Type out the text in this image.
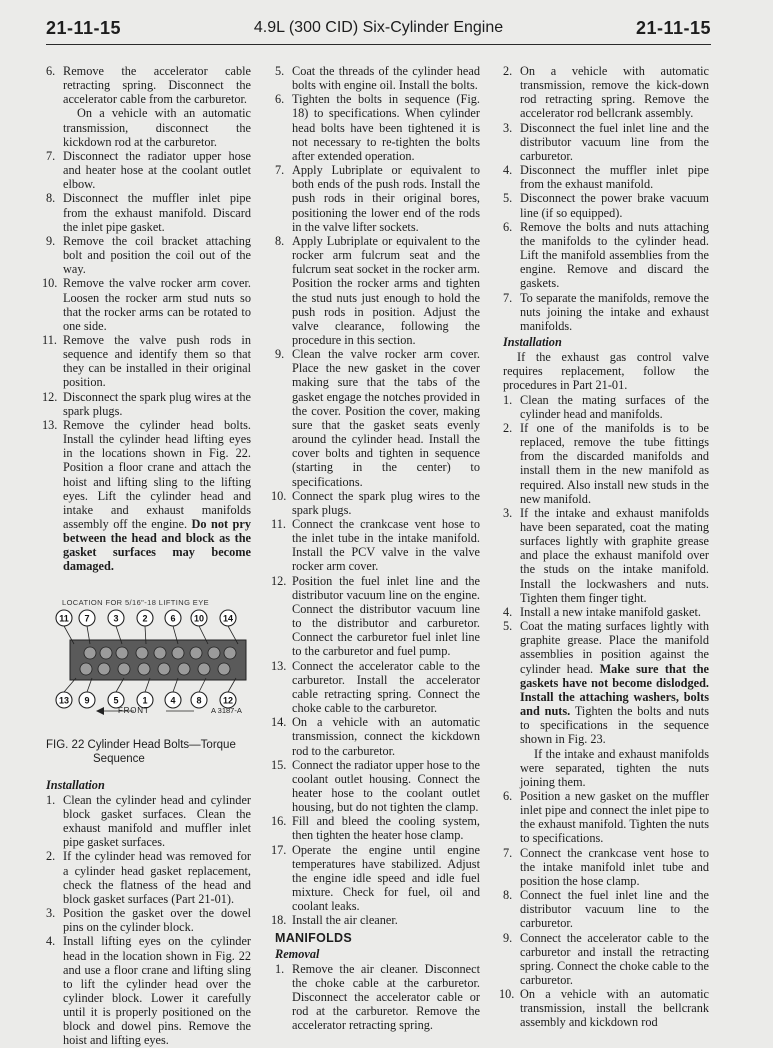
21-11-15	4.9L (300 CID) Six-Cylinder Engine	21-11-15

6. Remove the accelerator cable retracting spring. Disconnect the accelerator cable from the carburetor.

On a vehicle with an automatic transmission, disconnect the kickdown rod at the carburetor.

7. Disconnect the radiator upper hose and heater hose at the coolant outlet elbow.

8. Disconnect the muffler inlet pipe from the exhaust manifold. Discard the inlet pipe gasket.

9. Remove the coil bracket attaching bolt and position the coil out of the way.

10. Remove the valve rocker arm cover. Loosen the rocker arm stud nuts so that the rocker arms can be rotated to one side.

11. Remove the valve push rods in sequence and identify them so that they can be installed in their original position.

12. Disconnect the spark plug wires at the spark plugs.

13. Remove the cylinder head bolts. Install the cylinder head lifting eyes in the locations shown in Fig. 22. Position a floor crane and attach the hoist and lifting sling to the lifting eyes. Lift the cylinder head and intake and exhaust manifolds assembly off the engine. Do not pry between the head and block as the gasket surfaces may become damaged.

LOCATION FOR 5/16"-18 LIFTING EYE
11 7	3	2	6 10 14
13 9	5	1	4 8 12
FRONT	A 3187-A
FIG. 22 Cylinder Head Bolts—Torque
Sequence

Installation

1. Clean the cylinder head and cylinder block gasket surfaces. Clean the exhaust manifold and muffler inlet pipe gasket surfaces.

2. If the cylinder head was removed for a cylinder head gasket replacement, check the flatness of the head and block gasket surfaces (Part 21-01).

3. Position the gasket over the dowel pins on the cylinder block.

4. Install lifting eyes on the cylinder head in the location shown in Fig. 22 and use a floor crane and lifting sling to lift the cylinder head over the cylinder block. Lower it carefully until it is properly positioned on the block and dowel pins. Remove the hoist and lifting eyes.

5. Coat the threads of the cylinder head bolts with engine oil. Install the bolts.

6. Tighten the bolts in sequence (Fig. 18) to specifications. When cylinder head bolts have been tightened it is not necessary to re-tighten the bolts after extended operation.

7. Apply Lubriplate or equivalent to both ends of the push rods. Install the push rods in their original bores, positioning the lower end of the rods in the valve lifter sockets.

8. Apply Lubriplate or equivalent to the rocker arm fulcrum seat and the fulcrum seat socket in the rocker arm. Position the rocker arms and tighten the stud nuts just enough to hold the push rods in position. Adjust the valve clearance, following the procedure in this section.

9. Clean the valve rocker arm cover. Place the new gasket in the cover making sure that the tabs of the gasket engage the notches provided in the cover. Position the cover, making sure that the gasket seats evenly around the cylinder head. Install the cover bolts and tighten in sequence (starting in the center) to specifications.

10. Connect the spark plug wires to the spark plugs.

11. Connect the crankcase vent hose to the inlet tube in the intake manifold. Install the PCV valve in the valve rocker arm cover.

12. Position the fuel inlet line and the distributor vacuum line on the engine. Connect the distributor vacuum line to the distributor and carburetor. Connect the carburetor fuel inlet line to the carburetor and fuel pump.

13. Connect the accelerator cable to the carburetor. Install the accelerator cable retracting spring. Connect the choke cable to the carburetor.

14. On a vehicle with an automatic transmission, connect the kickdown rod to the carburetor.

15. Connect the radiator upper hose to the coolant outlet housing. Connect the heater hose to the coolant outlet housing, but do not tighten the clamp.

16. Fill and bleed the cooling system, then tighten the heater hose clamp.

17. Operate the engine until engine temperatures have stabilized. Adjust the engine idle speed and idle fuel mixture. Check for fuel, oil and coolant leaks.

18. Install the air cleaner.

MANIFOLDS

Removal

1. Remove the air cleaner. Disconnect the choke cable at the carburetor. Disconnect the accelerator cable or rod at the carburetor. Remove the accelerator retracting spring.

2. On a vehicle with automatic transmission, remove the kick-down rod retracting spring. Remove the accelerator rod bellcrank assembly.

3. Disconnect the fuel inlet line and the distributor vacuum line from the carburetor.

4. Disconnect the muffler inlet pipe from the exhaust manifold.

5. Disconnect the power brake vacuum line (if so equipped).

6. Remove the bolts and nuts attaching the manifolds to the cylinder head. Lift the manifold assemblies from the engine. Remove and discard the gaskets.

7. To separate the manifolds, remove the nuts joining the intake and exhaust manifolds.

Installation

If the exhaust gas control valve requires replacement, follow the procedures in Part 21-01.

1. Clean the mating surfaces of the cylinder head and manifolds.

2. If one of the manifolds is to be replaced, remove the tube fittings from the discarded manifolds and install them in the new manifold as required. Also install new studs in the new manifold.

3. If the intake and exhaust manifolds have been separated, coat the mating surfaces lightly with graphite grease and place the exhaust manifold over the studs on the intake manifold. Install the lockwashers and nuts. Tighten them finger tight.

4. Install a new intake manifold gasket.

5. Coat the mating surfaces lightly with graphite grease. Place the manifold assemblies in position against the cylinder head. Make sure that the gaskets have not become dislodged. Install the attaching washers, bolts and nuts. Tighten the bolts and nuts to specifications in the sequence shown in Fig. 23.

If the intake and exhaust manifolds were separated, tighten the nuts joining them.

6. Position a new gasket on the muffler inlet pipe and connect the inlet pipe to the exhaust manifold. Tighten the nuts to specifications.

7. Connect the crankcase vent hose to the intake manifold inlet tube and position the hose clamp.

8. Connect the fuel inlet line and the distributor vacuum line to the carburetor.

9. Connect the accelerator cable to the carburetor and install the retracting spring. Connect the choke cable to the carburetor.

10. On a vehicle with an automatic transmission, install the bellcrank assembly and kickdown rod
